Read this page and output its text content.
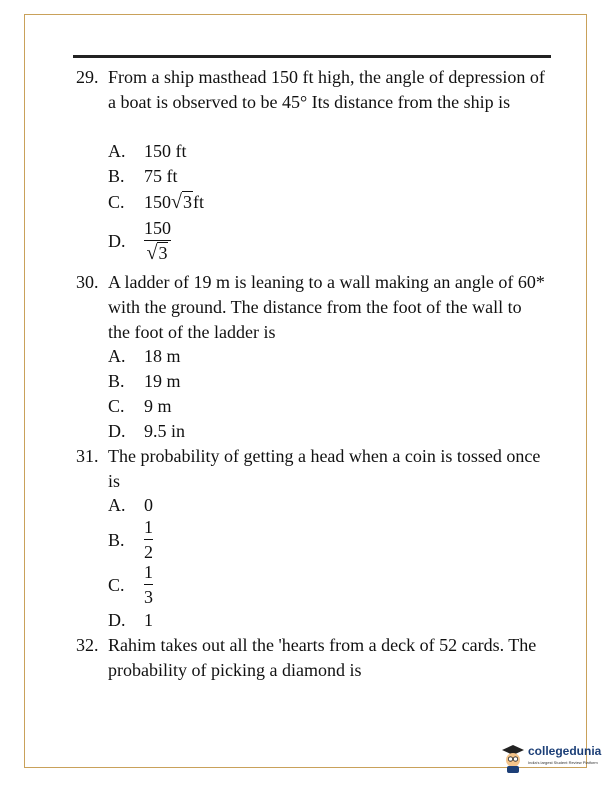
29. From a ship masthead 150 ft high, the angle of depression of a boat is observed to be 45° Its distance from the ship is
A. 150 ft
B. 75 ft
C. 150√3ft
D.
150
√3
30. A ladder of 19 m is leaning to a wall making an angle of 60* with the ground. The distance from the foot of the wall to the foot of the ladder is
A. 18 m
B. 19 m
C. 9 m
D. 9.5 in
31. The probability of getting a head when a coin is tossed once is
A. 0
B.
1
2
C.
1
3
D. 1
32. Rahim takes out all the 'hearts from a deck of 52 cards. The probability of picking a diamond is
collegedunia
India's largest Student Review Platform
